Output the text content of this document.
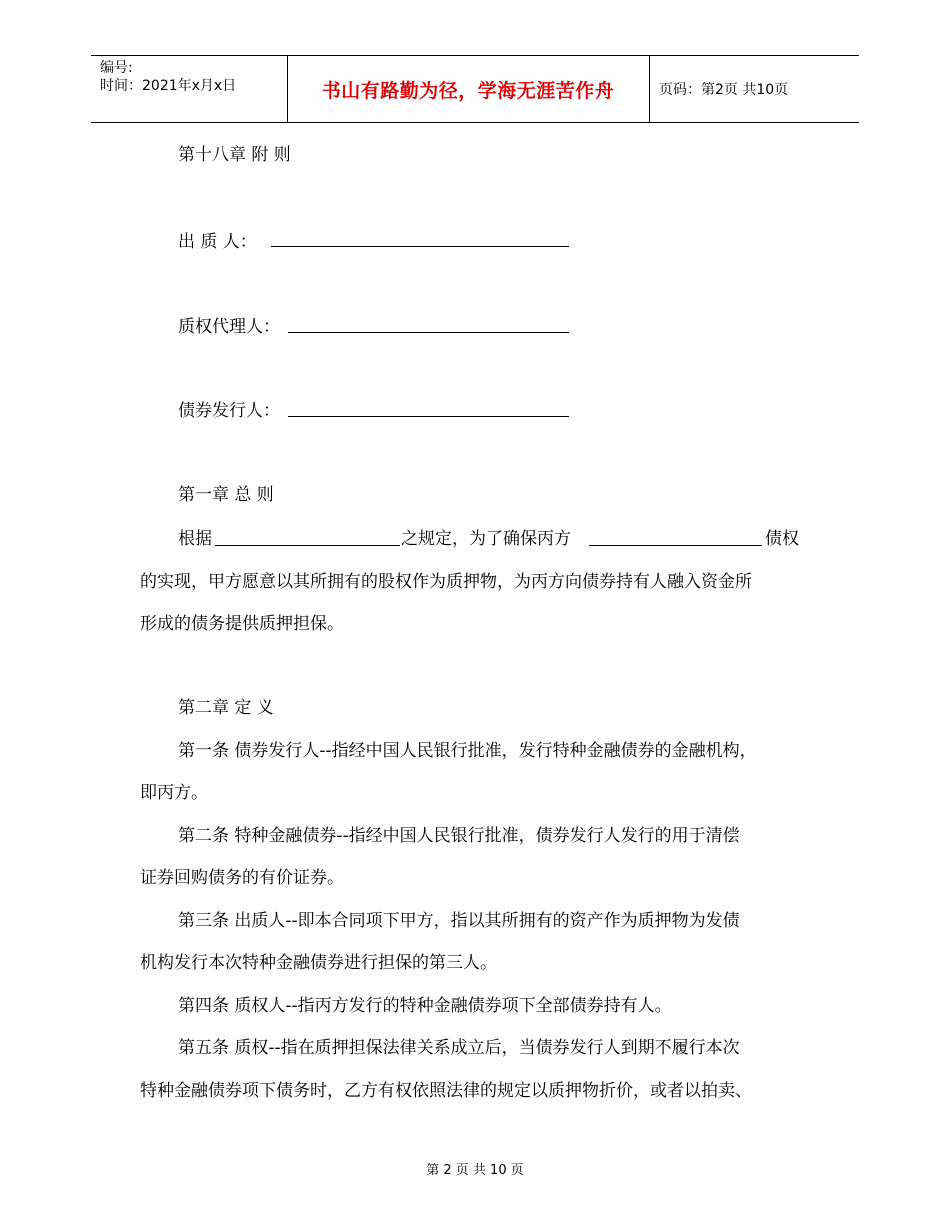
编号:
时间：2021年x月x日	书山有路勤为径，学海无涯苦作舟	页码：第2页 共10页
第十八章 附 则
出 质 人：
质权代理人：
债券发行人：
第一章 总 则
根据	之规定，为了确保丙方	债权
的实现，甲方愿意以其所拥有的股权作为质押物，为丙方向债券持有人融入资金所
形成的债务提供质押担保。
第二章 定 义
第一条 债券发行人--指经中国人民银行批准，发行特种金融债券的金融机构，
即丙方。
第二条 特种金融债券--指经中国人民银行批准，债券发行人发行的用于清偿
证券回购债务的有价证券。
第三条 出质人--即本合同项下甲方，指以其所拥有的资产作为质押物为发债
机构发行本次特种金融债券进行担保的第三人。
第四条 质权人--指丙方发行的特种金融债券项下全部债券持有人。
第五条 质权--指在质押担保法律关系成立后，当债券发行人到期不履行本次
特种金融债券项下债务时，乙方有权依照法律的规定以质押物折价，或者以拍卖、
第 2 页 共 10 页
